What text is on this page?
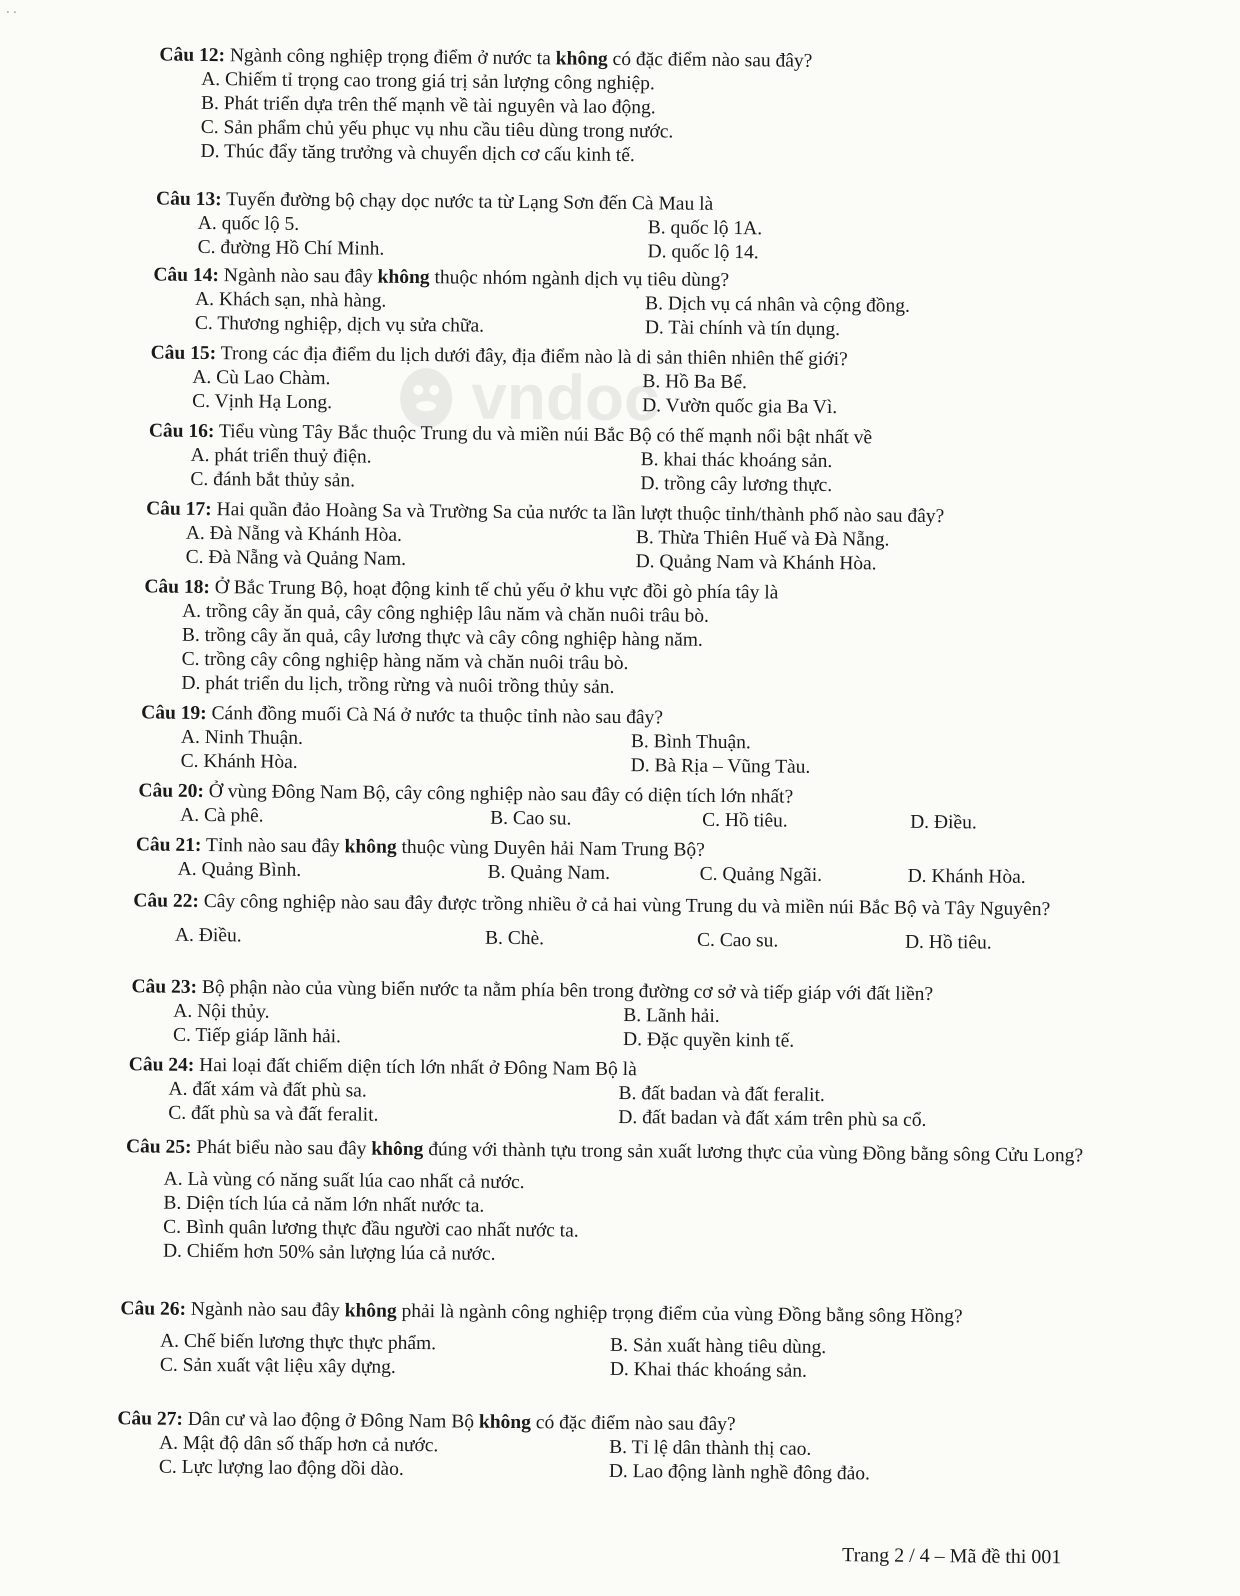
· ·
vndoc
Câu 12: Ngành công nghiệp trọng điểm ở nước ta không có đặc điểm nào sau đây?
A. Chiếm tỉ trọng cao trong giá trị sản lượng công nghiệp.
B. Phát triển dựa trên thế mạnh về tài nguyên và lao động.
C. Sản phẩm chủ yếu phục vụ nhu cầu tiêu dùng trong nước.
D. Thúc đẩy tăng trưởng và chuyển dịch cơ cấu kinh tế.
Câu 13: Tuyến đường bộ chạy dọc nước ta từ Lạng Sơn đến Cà Mau là
A. quốc lộ 5.	B. quốc lộ 1A.
C. đường Hồ Chí Minh.	D. quốc lộ 14.
Câu 14: Ngành nào sau đây không thuộc nhóm ngành dịch vụ tiêu dùng?
A. Khách sạn, nhà hàng.	B. Dịch vụ cá nhân và cộng đồng.
C. Thương nghiệp, dịch vụ sửa chữa.	D. Tài chính và tín dụng.
Câu 15: Trong các địa điểm du lịch dưới đây, địa điểm nào là di sản thiên nhiên thế giới?
A. Cù Lao Chàm.	B. Hồ Ba Bể.
C. Vịnh Hạ Long.	D. Vườn quốc gia Ba Vì.
Câu 16: Tiểu vùng Tây Bắc thuộc Trung du và miền núi Bắc Bộ có thế mạnh nổi bật nhất về
A. phát triển thuỷ điện.	B. khai thác khoáng sản.
C. đánh bắt thủy sản.	D. trồng cây lương thực.
Câu 17: Hai quần đảo Hoàng Sa và Trường Sa của nước ta lần lượt thuộc tỉnh/thành phố nào sau đây?
A. Đà Nẵng và Khánh Hòa.	B. Thừa Thiên Huế và Đà Nẵng.
C. Đà Nẵng và Quảng Nam.	D. Quảng Nam và Khánh Hòa.
Câu 18: Ở Bắc Trung Bộ, hoạt động kinh tế chủ yếu ở khu vực đồi gò phía tây là
A. trồng cây ăn quả, cây công nghiệp lâu năm và chăn nuôi trâu bò.
B. trồng cây ăn quả, cây lương thực và cây công nghiệp hàng năm.
C. trồng cây công nghiệp hàng năm và chăn nuôi trâu bò.
D. phát triển du lịch, trồng rừng và nuôi trồng thủy sản.
Câu 19: Cánh đồng muối Cà Ná ở nước ta thuộc tỉnh nào sau đây?
A. Ninh Thuận.	B. Bình Thuận.
C. Khánh Hòa.	D. Bà Rịa – Vũng Tàu.
Câu 20: Ở vùng Đông Nam Bộ, cây công nghiệp nào sau đây có diện tích lớn nhất?
A. Cà phê.	B. Cao su.	C. Hồ tiêu.	D. Điều.
Câu 21: Tỉnh nào sau đây không thuộc vùng Duyên hải Nam Trung Bộ?
A. Quảng Bình.	B. Quảng Nam.	C. Quảng Ngãi.	D. Khánh Hòa.
Câu 22: Cây công nghiệp nào sau đây được trồng nhiều ở cả hai vùng Trung du và miền núi Bắc Bộ và Tây Nguyên?
A. Điều.	B. Chè.	C. Cao su.	D. Hồ tiêu.
Câu 23: Bộ phận nào của vùng biển nước ta nằm phía bên trong đường cơ sở và tiếp giáp với đất liền?
A. Nội thủy.	B. Lãnh hải.
C. Tiếp giáp lãnh hải.	D. Đặc quyền kinh tế.
Câu 24: Hai loại đất chiếm diện tích lớn nhất ở Đông Nam Bộ là
A. đất xám và đất phù sa.	B. đất badan và đất feralit.
C. đất phù sa và đất feralit.	D. đất badan và đất xám trên phù sa cổ.
Câu 25: Phát biểu nào sau đây không đúng với thành tựu trong sản xuất lương thực của vùng Đồng bằng sông Cửu Long?
A. Là vùng có năng suất lúa cao nhất cả nước.
B. Diện tích lúa cả năm lớn nhất nước ta.
C. Bình quân lương thực đầu người cao nhất nước ta.
D. Chiếm hơn 50% sản lượng lúa cả nước.
Câu 26: Ngành nào sau đây không phải là ngành công nghiệp trọng điểm của vùng Đồng bằng sông Hồng?
A. Chế biến lương thực thực phẩm.	B. Sản xuất hàng tiêu dùng.
C. Sản xuất vật liệu xây dựng.	D. Khai thác khoáng sản.
Câu 27: Dân cư và lao động ở Đông Nam Bộ không có đặc điểm nào sau đây?
A. Mật độ dân số thấp hơn cả nước.	B. Tỉ lệ dân thành thị cao.
C. Lực lượng lao động dồi dào.	D. Lao động lành nghề đông đảo.
Trang 2 / 4 – Mã đề thi 001
